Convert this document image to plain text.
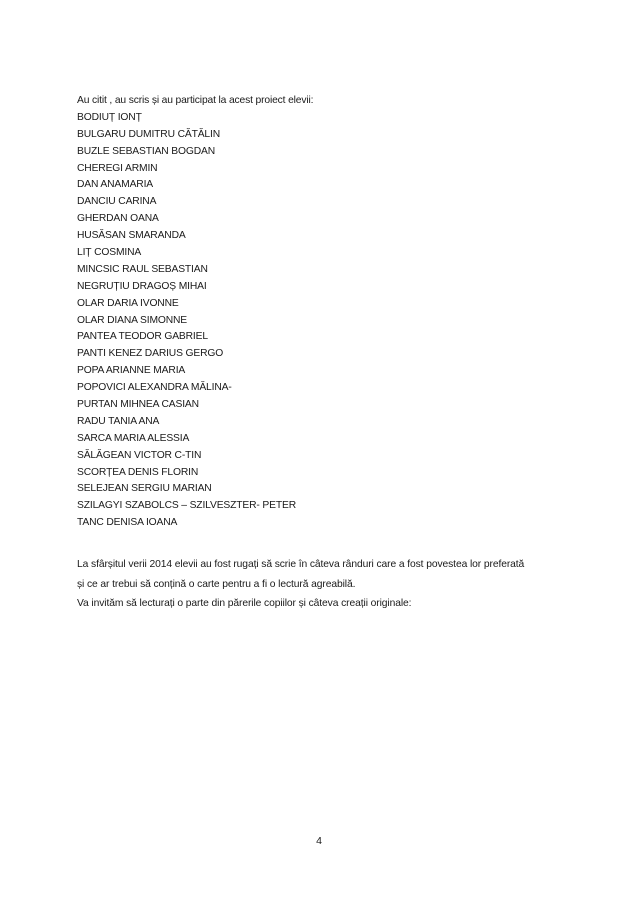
Au citit , au scris și au participat la acest proiect elevii:
BODIUȚ IONȚ
BULGARU DUMITRU CĂTĂLIN
BUZLE SEBASTIAN BOGDAN
CHEREGI ARMIN
DAN ANAMARIA
DANCIU CARINA
GHERDAN OANA
HUSĂSAN SMARANDA
LIȚ COSMINA
MINCSIC RAUL SEBASTIAN
NEGRUȚIU DRAGOȘ MIHAI
OLAR DARIA IVONNE
OLAR DIANA SIMONNE
PANTEA TEODOR GABRIEL
PANTI KENEZ DARIUS GERGO
POPA ARIANNE MARIA
POPOVICI ALEXANDRA MĂLINA-
PURTAN MIHNEA CASIAN
RADU TANIA ANA
SARCA MARIA ALESSIA
SĂLĂGEAN VICTOR C-TIN
SCORȚEA DENIS FLORIN
SELEJEAN SERGIU MARIAN
SZILAGYI SZABOLCS – SZILVESZTER- PETER
TANC DENISA IOANA
La sfârșitul verii 2014 elevii au fost rugați să scrie în câteva rânduri care a fost povestea lor preferată
și ce ar trebui să conțină o carte pentru a fi o lectură agreabilă.
Va invităm să lecturați o parte din părerile copiilor și câteva creații originale:
4
